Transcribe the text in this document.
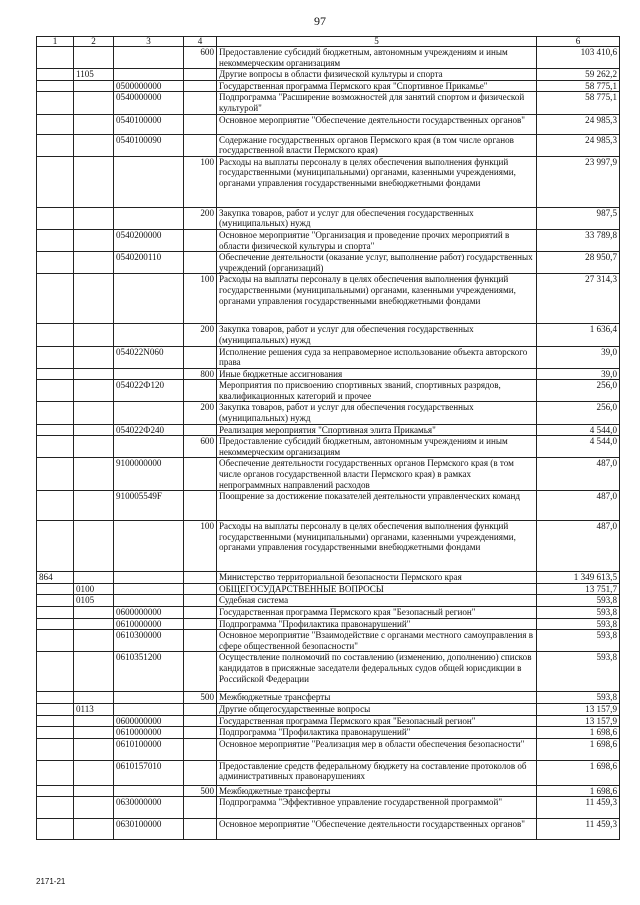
97
1	2	3	4	5	6
			600	Предоставление субсидий бюджетным, автономным учреждениям и иным некоммерческим организациям	103 410,6
	1105			Другие вопросы в области физической культуры и спорта	59 262,2
		0500000000		Государственная программа Пермского края "Спортивное Прикамье"	58 775,1
		0540000000		Подпрограмма "Расширение возможностей для занятий спортом и физической культурой"	58 775,1
		0540100000		Основное мероприятие "Обеспечение деятельности государственных органов"	24 985,3
		0540100090		Содержание государственных органов Пермского края (в том числе органов государственной власти Пермского края)	24 985,3
			100	Расходы на выплаты персоналу в целях обеспечения выполнения функций государственными (муниципальными) органами, казенными учреждениями, органами управления государственными внебюджетными фондами	23 997,9
			200	Закупка товаров, работ и услуг для обеспечения государственных (муниципальных) нужд	987,5
		0540200000		Основное мероприятие "Организация и проведение прочих мероприятий в области физической культуры и спорта"	33 789,8
		0540200110		Обеспечение деятельности (оказание услуг, выполнение работ) государственных учреждений (организаций)	28 950,7
			100	Расходы на выплаты персоналу в целях обеспечения выполнения функций государственными (муниципальными) органами, казенными учреждениями, органами управления государственными внебюджетными фондами	27 314,3
			200	Закупка товаров, работ и услуг для обеспечения государственных (муниципальных) нужд	1 636,4
		054022N060		Исполнение решения суда за неправомерное использование объекта авторского права	39,0
			800	Иные бюджетные ассигнования	39,0
		054022Ф120		Мероприятия по присвоению спортивных званий, спортивных разрядов, квалификационных категорий и прочее	256,0
			200	Закупка товаров, работ и услуг для обеспечения государственных (муниципальных) нужд	256,0
		054022Ф240		Реализация мероприятия "Спортивная элита Прикамья"	4 544,0
			600	Предоставление субсидий бюджетным, автономным учреждениям и иным некоммерческим организациям	4 544,0
		9100000000		Обеспечение деятельности государственных органов Пермского края (в том числе органов государственной власти Пермского края) в рамках непрограммных направлений расходов	487,0
		910005549F		Поощрение за достижение показателей деятельности управленческих команд	487,0
			100	Расходы на выплаты персоналу в целях обеспечения выполнения функций государственными (муниципальными) органами, казенными учреждениями, органами управления государственными внебюджетными фондами	487,0
864				Министерство территориальной безопасности Пермского края	1 349 613,5
	0100			ОБЩЕГОСУДАРСТВЕННЫЕ ВОПРОСЫ	13 751,7
	0105			Судебная система	593,8
		0600000000		Государственная программа Пермского края "Безопасный регион"	593,8
		0610000000		Подпрограмма "Профилактика правонарушений"	593,8
		0610300000		Основное мероприятие "Взаимодействие с органами местного самоуправления в сфере общественной безопасности"	593,8
		0610351200		Осуществление полномочий по составлению (изменению, дополнению) списков кандидатов в присяжные заседатели федеральных судов общей юрисдикции в Российской Федерации	593,8
			500	Межбюджетные трансферты	593,8
	0113			Другие общегосударственные вопросы	13 157,9
		0600000000		Государственная программа Пермского края "Безопасный регион"	13 157,9
		0610000000		Подпрограмма "Профилактика правонарушений"	1 698,6
		0610100000		Основное мероприятие "Реализация мер в области обеспечения безопасности"	1 698,6
		0610157010		Предоставление средств федеральному бюджету на составление протоколов об административных правонарушениях	1 698,6
			500	Межбюджетные трансферты	1 698,6
		0630000000		Подпрограмма "Эффективное управление государственной программой"	11 459,3
		0630100000		Основное мероприятие "Обеспечение деятельности государственных органов"	11 459,3
2171-21
